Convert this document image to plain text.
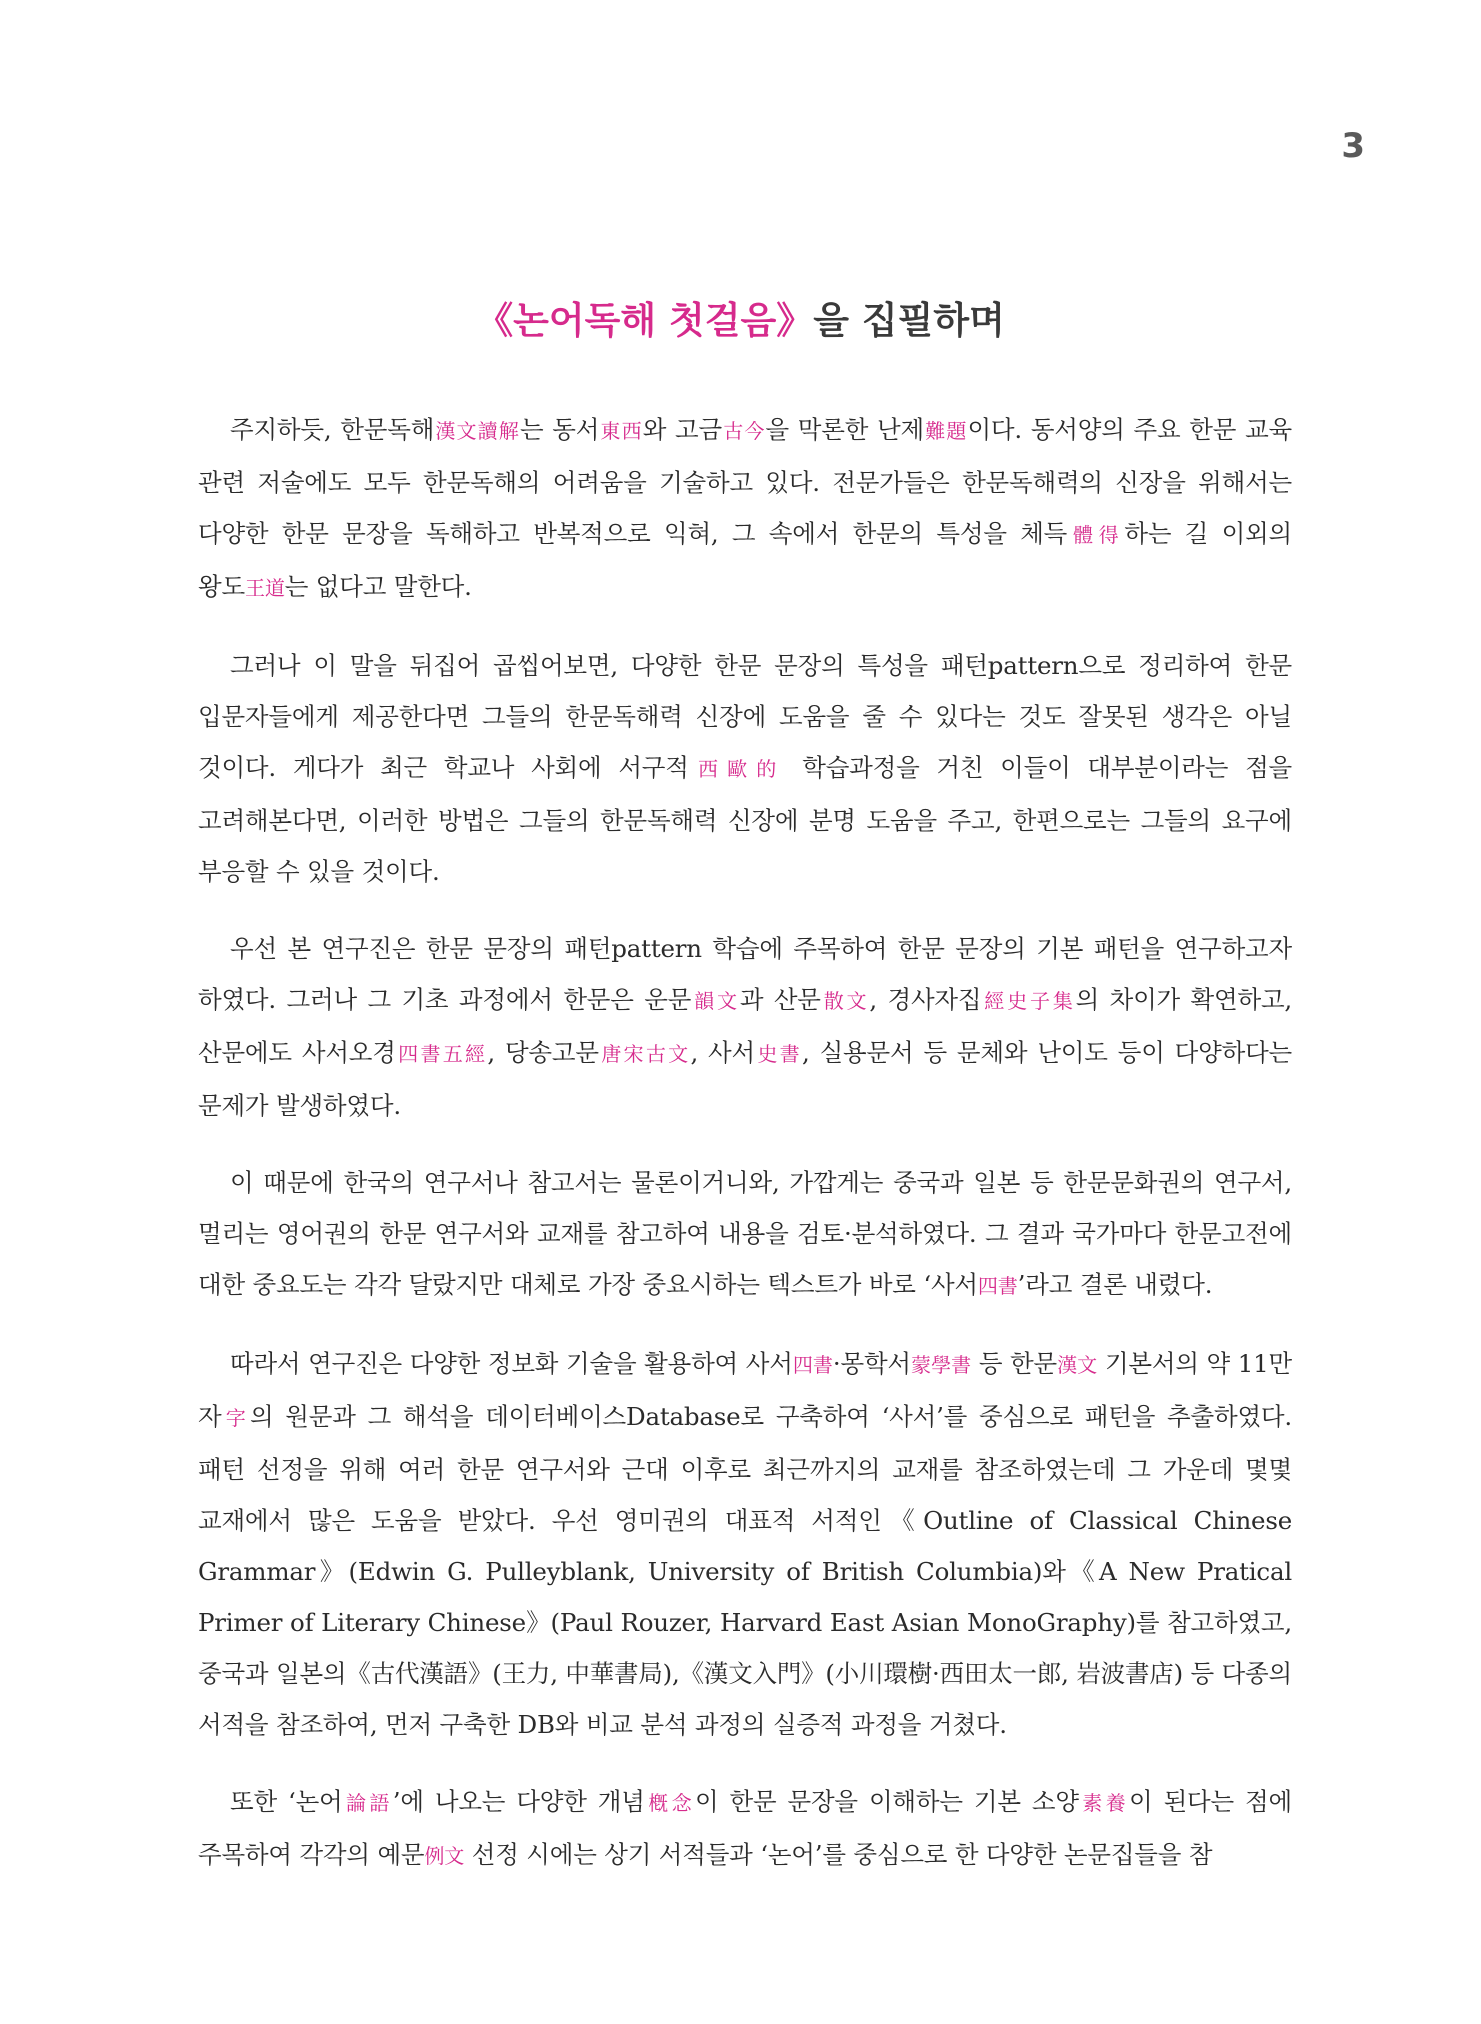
3
《논어독해 첫걸음》을 집필하며

주지하듯, 한문독해漢文讀解는 동서東西와 고금古今을 막론한 난제難題이다. 동서양의 주요 한문 교육 관련 저술에도 모두 한문독해의 어려움을 기술하고 있다. 전문가들은 한문독해력의 신장을 위해서는 다양한 한문 문장을 독해하고 반복적으로 익혀, 그 속에서 한문의 특성을 체득體得하는 길 이외의 왕도王道는 없다고 말한다.

그러나 이 말을 뒤집어 곱씹어보면, 다양한 한문 문장의 특성을 패턴pattern으로 정리하여 한문 입문자들에게 제공한다면 그들의 한문독해력 신장에 도움을 줄 수 있다는 것도 잘못된 생각은 아닐 것이다. 게다가 최근 학교나 사회에 서구적西歐的 학습과정을 거친 이들이 대부분이라는 점을 고려해본다면, 이러한 방법은 그들의 한문독해력 신장에 분명 도움을 주고, 한편으로는 그들의 요구에 부응할 수 있을 것이다.

우선 본 연구진은 한문 문장의 패턴pattern 학습에 주목하여 한문 문장의 기본 패턴을 연구하고자 하였다. 그러나 그 기초 과정에서 한문은 운문韻文과 산문散文, 경사자집經史子集의 차이가 확연하고, 산문에도 사서오경四書五經, 당송고문唐宋古文, 사서史書, 실용문서 등 문체와 난이도 등이 다양하다는 문제가 발생하였다.

이 때문에 한국의 연구서나 참고서는 물론이거니와, 가깝게는 중국과 일본 등 한문문화권의 연구서, 멀리는 영어권의 한문 연구서와 교재를 참고하여 내용을 검토·분석하였다. 그 결과 국가마다 한문고전에 대한 중요도는 각각 달랐지만 대체로 가장 중요시하는 텍스트가 바로 ‘사서四書’라고 결론 내렸다.

따라서 연구진은 다양한 정보화 기술을 활용하여 사서四書·몽학서蒙學書 등 한문漢文 기본서의 약 11만 자字의 원문과 그 해석을 데이터베이스Database로 구축하여 ‘사서’를 중심으로 패턴을 추출하였다. 패턴 선정을 위해 여러 한문 연구서와 근대 이후로 최근까지의 교재를 참조하였는데 그 가운데 몇몇 교재에서 많은 도움을 받았다. 우선 영미권의 대표적 서적인《Outline of Classical Chinese Grammar》(Edwin G. Pulleyblank, University of British Columbia)와《A New Pratical Primer of Literary Chinese》(Paul Rouzer, Harvard East Asian MonoGraphy)를 참고하였고, 중국과 일본의《古代漢語》(王力, 中華書局),《漢文入門》(小川環樹·西田太一郎, 岩波書店) 등 다종의 서적을 참조하여, 먼저 구축한 DB와 비교 분석 과정의 실증적 과정을 거쳤다.

또한 ‘논어論語’에 나오는 다양한 개념槪念이 한문 문장을 이해하는 기본 소양素養이 된다는 점에 주목하여 각각의 예문例文 선정 시에는 상기 서적들과 ‘논어’를 중심으로 한 다양한 논문집들을 참
